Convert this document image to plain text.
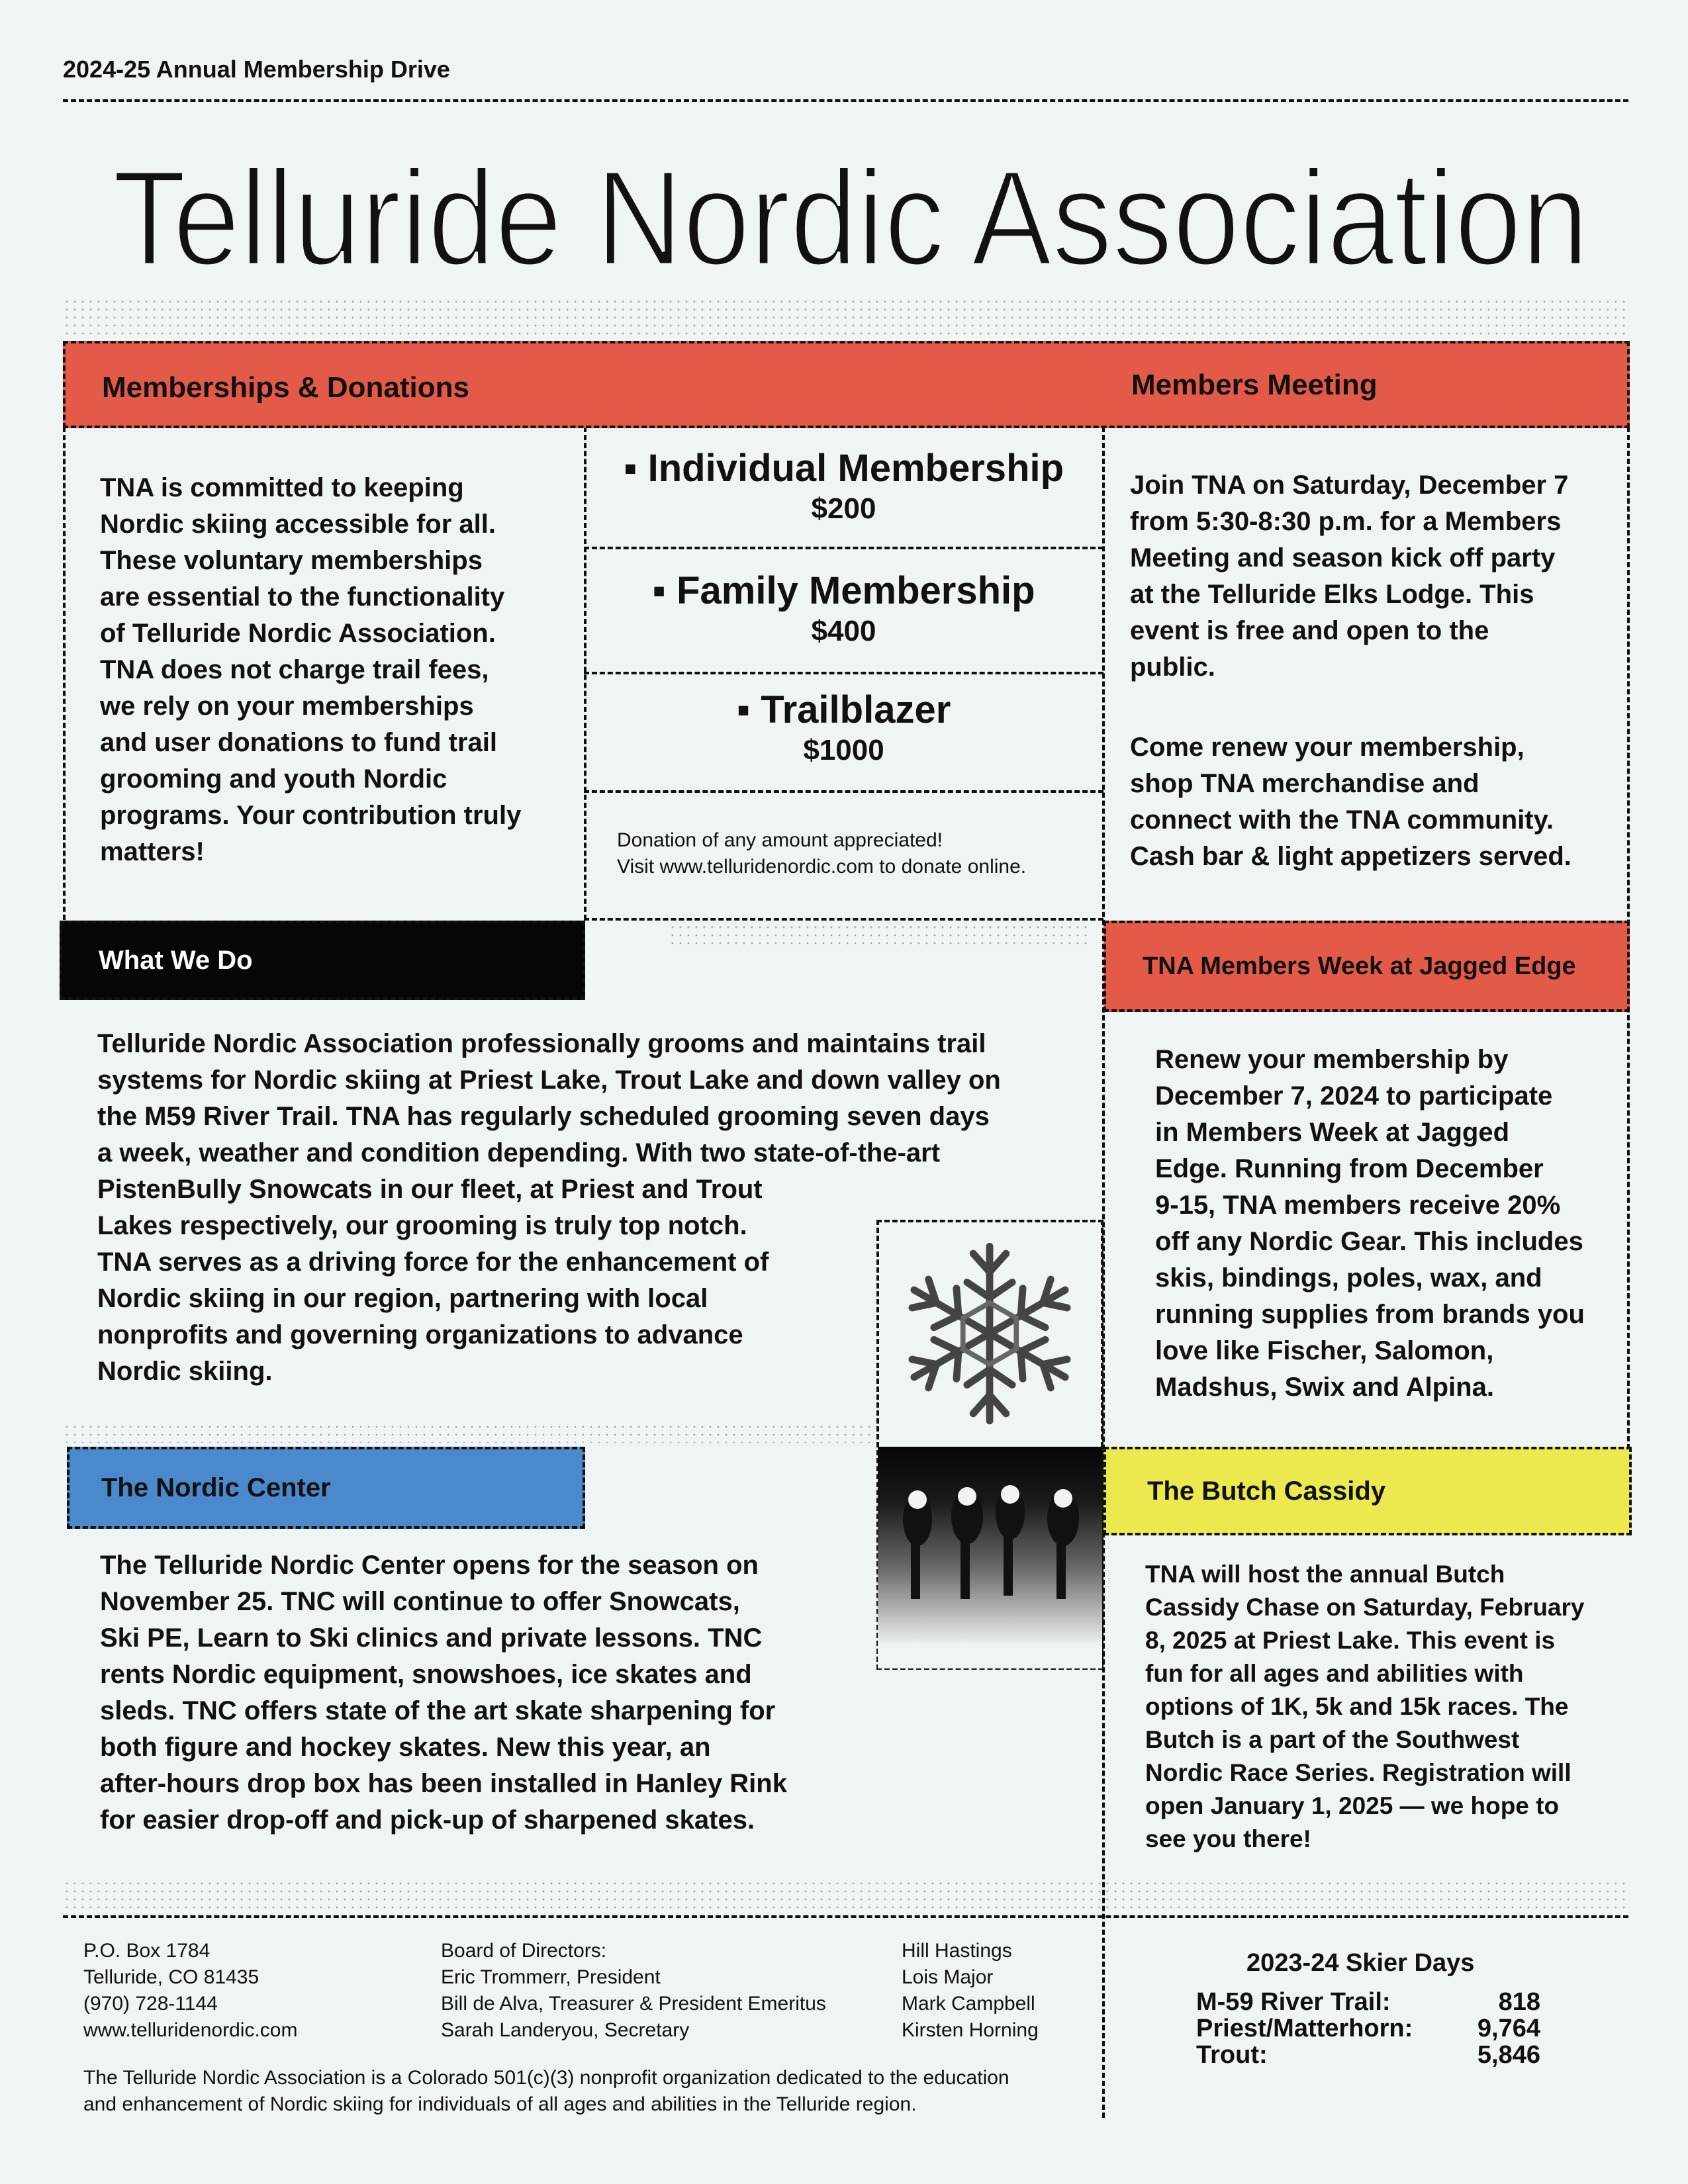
2024-25 Annual Membership Drive
Telluride Nordic Association
Memberships & Donations	Members Meeting
TNA is committed to keeping
Nordic skiing accessible for all.
These voluntary memberships
are essential to the functionality
of Telluride Nordic Association.
TNA does not charge trail fees,
we rely on your memberships
and user donations to fund trail
grooming and youth Nordic
programs. Your contribution truly
matters!
▪ Individual Membership
$200
▪ Family Membership
$400
▪ Trailblazer
$1000
Donation of any amount appreciated!
Visit www.telluridenordic.com to donate online.
Join TNA on Saturday, December 7
from 5:30-8:30 p.m. for a Members
Meeting and season kick off party
at the Telluride Elks Lodge. This
event is free and open to the
public.
Come renew your membership,
shop TNA merchandise and
connect with the TNA community.
Cash bar & light appetizers served.
What We Do
Telluride Nordic Association professionally grooms and maintains trail
systems for Nordic skiing at Priest Lake, Trout Lake and down valley on
the M59 River Trail. TNA has regularly scheduled grooming seven days
a week, weather and condition depending. With two state-of-the-art
PistenBully Snowcats in our fleet, at Priest and Trout
Lakes respectively, our grooming is truly top notch.
TNA serves as a driving force for the enhancement of
Nordic skiing in our region, partnering with local
nonprofits and governing organizations to advance
Nordic skiing.
TNA Members Week at Jagged Edge
Renew your membership by
December 7, 2024 to participate
in Members Week at Jagged
Edge. Running from December
9-15, TNA members receive 20%
off any Nordic Gear. This includes
skis, bindings, poles, wax, and
running supplies from brands you
love like Fischer, Salomon,
Madshus, Swix and Alpina.
The Nordic Center
The Telluride Nordic Center opens for the season on
November 25. TNC will continue to offer Snowcats,
Ski PE, Learn to Ski clinics and private lessons. TNC
rents Nordic equipment, snowshoes, ice skates and
sleds. TNC offers state of the art skate sharpening for
both figure and hockey skates. New this year, an
after-hours drop box has been installed in Hanley Rink
for easier drop-off and pick-up of sharpened skates.
The Butch Cassidy
TNA will host the annual Butch
Cassidy Chase on Saturday, February
8, 2025 at Priest Lake. This event is
fun for all ages and abilities with
options of 1K, 5k and 15k races. The
Butch is a part of the Southwest
Nordic Race Series. Registration will
open January 1, 2025 — we hope to
see you there!
P.O. Box 1784
Telluride, CO 81435
(970) 728-1144
www.telluridenordic.com
Board of Directors:
Eric Trommerr, President
Bill de Alva, Treasurer & President Emeritus
Sarah Landeryou, Secretary
Hill Hastings
Lois Major
Mark Campbell
Kirsten Horning
The Telluride Nordic Association is a Colorado 501(c)(3) nonprofit organization dedicated to the education
and enhancement of Nordic skiing for individuals of all ages and abilities in the Telluride region.
2023-24 Skier Days
M-59 River Trail:	818
Priest/Matterhorn:	9,764
Trout:	5,846
